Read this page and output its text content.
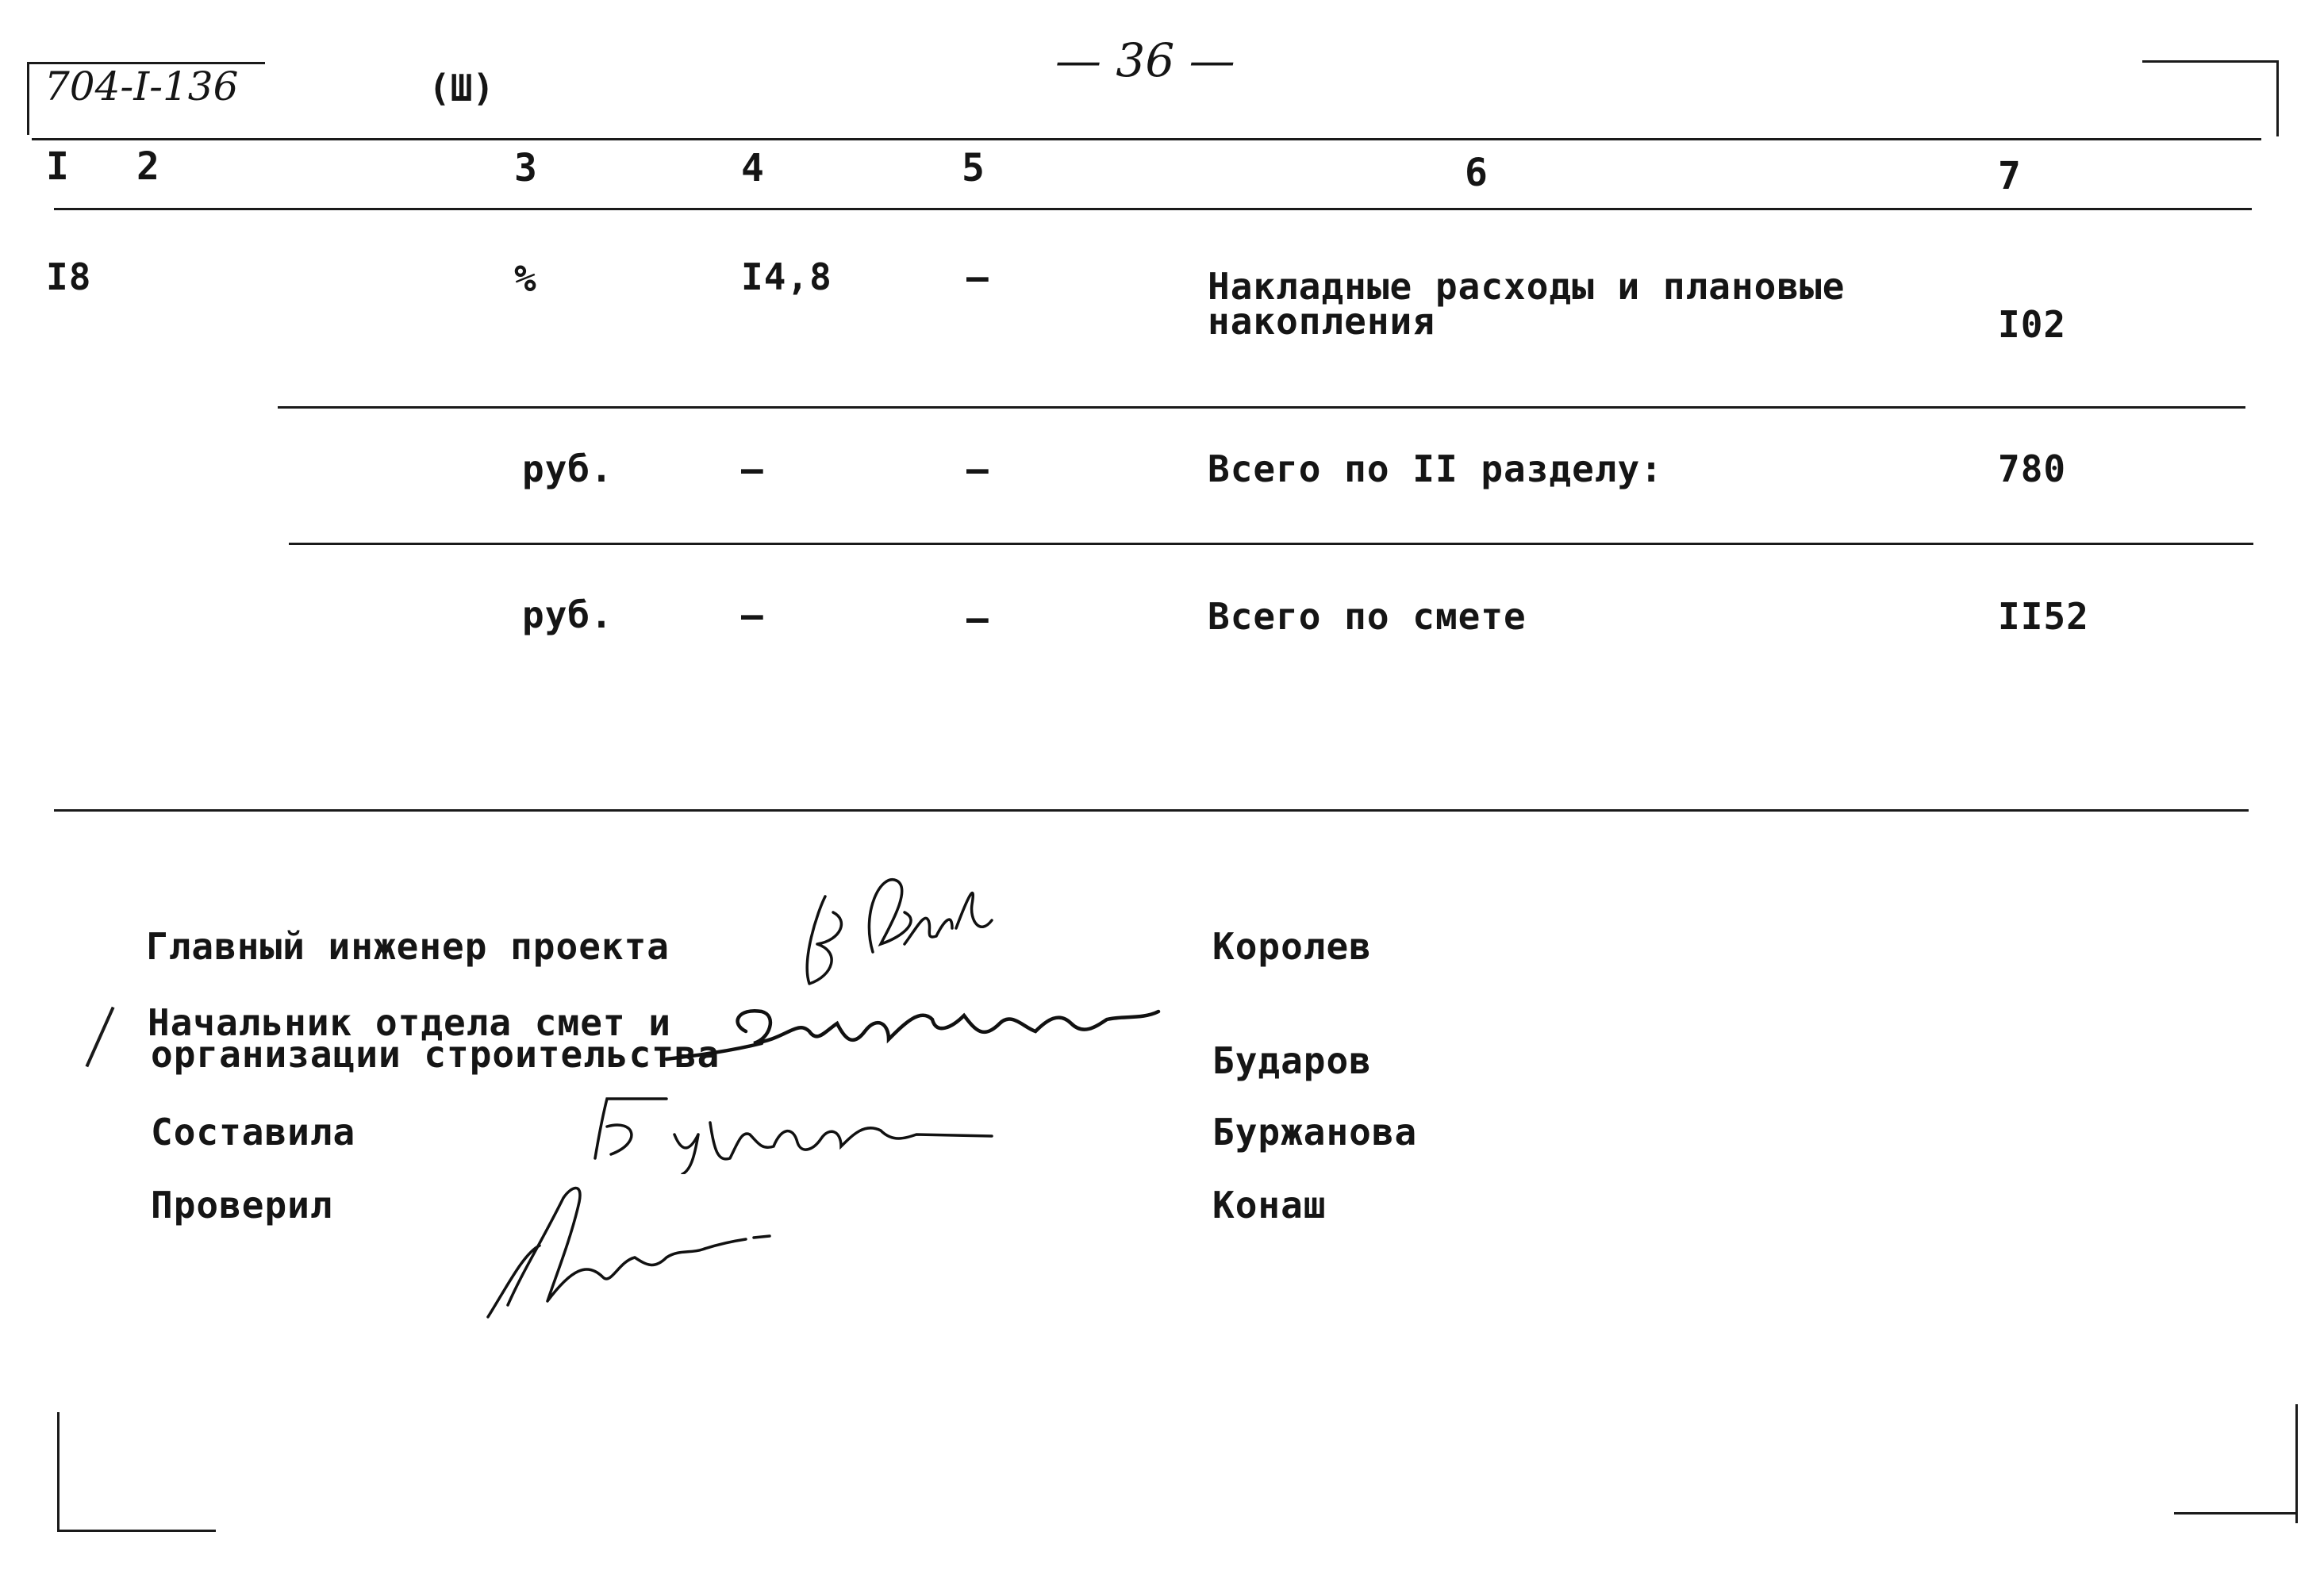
704-I-136	(Ш)
— 36 —
I 2	3	4	5	6	7
I8	%	I4,8	–	Накладные расходы и плановые
накопления	I02
руб.	–	–	Всего по II разделу:	780
руб.	–	–	Всего по смете	II52
Главный инженер проекта	Королев
Начальник отдела смет и
организации строительства	Бударов
Составила	Буржанова
Проверил	Конаш
